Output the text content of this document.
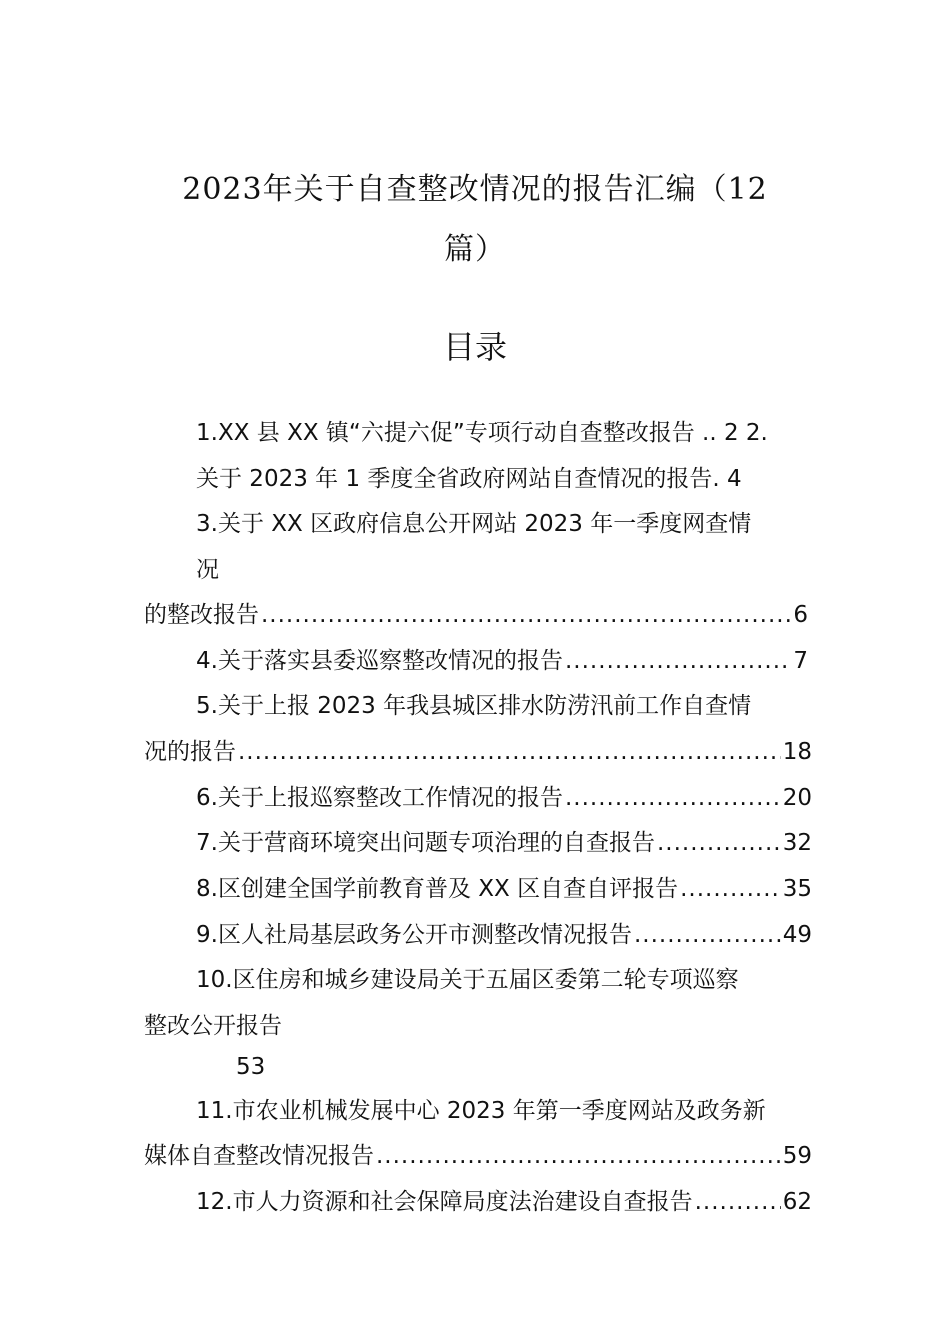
2023年关于自查整改情况的报告汇编（12
篇）
目录
1.XX 县 XX 镇“六提六促”专项行动自查整改报告 .. 2 2.
关于 2023 年 1 季度全省政府网站自查情况的报告. 4
3.关于 XX 区政府信息公开网站 2023 年一季度网查情
况
的整改报告 .....	6
4.关于落实县委巡察整改情况的报告 .....	7
5.关于上报 2023 年我县城区排水防涝汛前工作自查情
况的报告 .....	18
6.关于上报巡察整改工作情况的报告 .....	20
7.关于营商环境突出问题专项治理的自查报告 .....	32
8.区创建全国学前教育普及 XX 区自查自评报告 .....	35
9.区人社局基层政务公开市测整改情况报告 .....	49
10.区住房和城乡建设局关于五届区委第二轮专项巡察
整改公开报告
53
11.市农业机械发展中心 2023 年第一季度网站及政务新
媒体自查整改情况报告 .....	59
12.市人力资源和社会保障局度法治建设自查报告 .....	62
